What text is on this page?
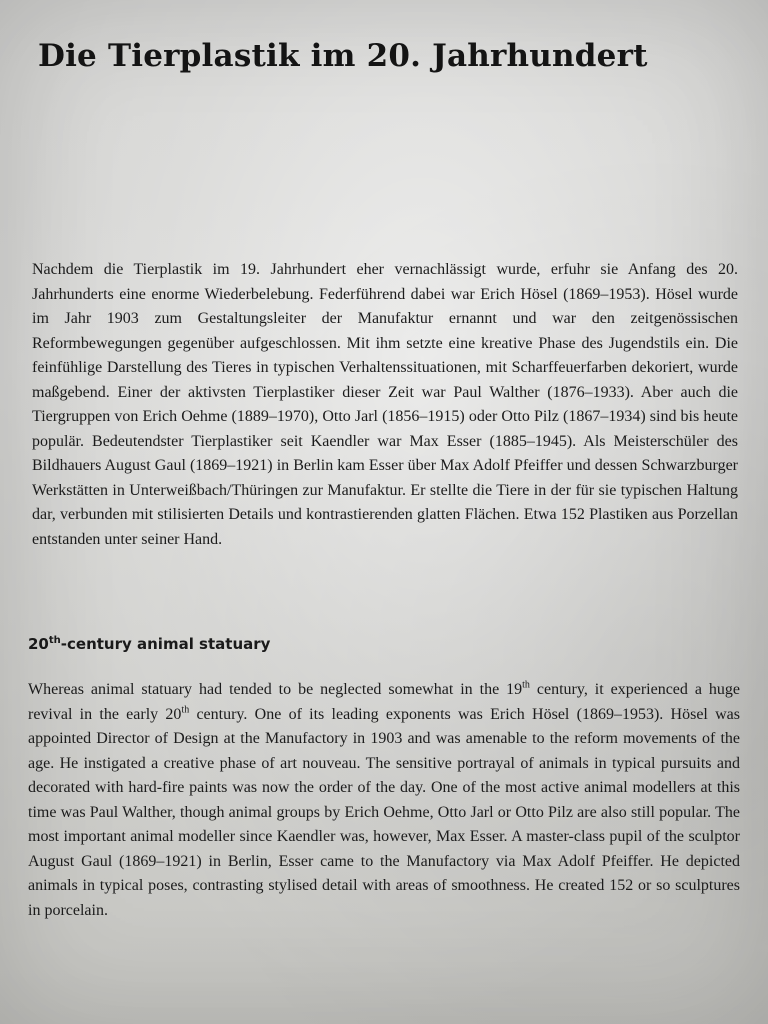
Die Tierplastik im 20. Jahrhundert

Nachdem die Tierplastik im 19. Jahrhundert eher vernachlässigt wurde, erfuhr sie Anfang des 20. Jahrhunderts eine enorme Wiederbelebung. Federführend dabei war Erich Hösel (1869–1953). Hösel wurde im Jahr 1903 zum Gestaltungsleiter der Manufaktur ernannt und war den zeitgenössischen Reformbewegungen gegenüber aufgeschlossen. Mit ihm setzte eine kreative Phase des Jugendstils ein. Die feinfühlige Darstellung des Tieres in typischen Verhaltenssituationen, mit Scharffeuerfarben dekoriert, wurde maßgebend. Einer der aktivsten Tierplastiker dieser Zeit war Paul Walther (1876–1933). Aber auch die Tiergruppen von Erich Oehme (1889–1970), Otto Jarl (1856–1915) oder Otto Pilz (1867–1934) sind bis heute populär. Bedeutendster Tierplastiker seit Kaendler war Max Esser (1885–1945). Als Meisterschüler des Bildhauers August Gaul (1869–1921) in Berlin kam Esser über Max Adolf Pfeiffer und dessen Schwarzburger Werkstätten in Unterweißbach/Thüringen zur Manufaktur. Er stellte die Tiere in der für sie typischen Haltung dar, verbunden mit stilisierten Details und kontrastierenden glatten Flächen. Etwa 152 Plastiken aus Porzellan entstanden unter seiner Hand.

20th-century animal statuary

Whereas animal statuary had tended to be neglected somewhat in the 19th century, it experienced a huge revival in the early 20th century. One of its leading exponents was Erich Hösel (1869–1953). Hösel was appointed Director of Design at the Manufactory in 1903 and was amenable to the reform movements of the age. He instigated a creative phase of art nouveau. The sensitive portrayal of animals in typical pursuits and decorated with hard-fire paints was now the order of the day. One of the most active animal modellers at this time was Paul Walther, though animal groups by Erich Oehme, Otto Jarl or Otto Pilz are also still popular. The most important animal modeller since Kaendler was, however, Max Esser. A master-class pupil of the sculptor August Gaul (1869–1921) in Berlin, Esser came to the Manufactory via Max Adolf Pfeiffer. He depicted animals in typical poses, contrasting stylised detail with areas of smoothness. He created 152 or so sculptures in porcelain.
